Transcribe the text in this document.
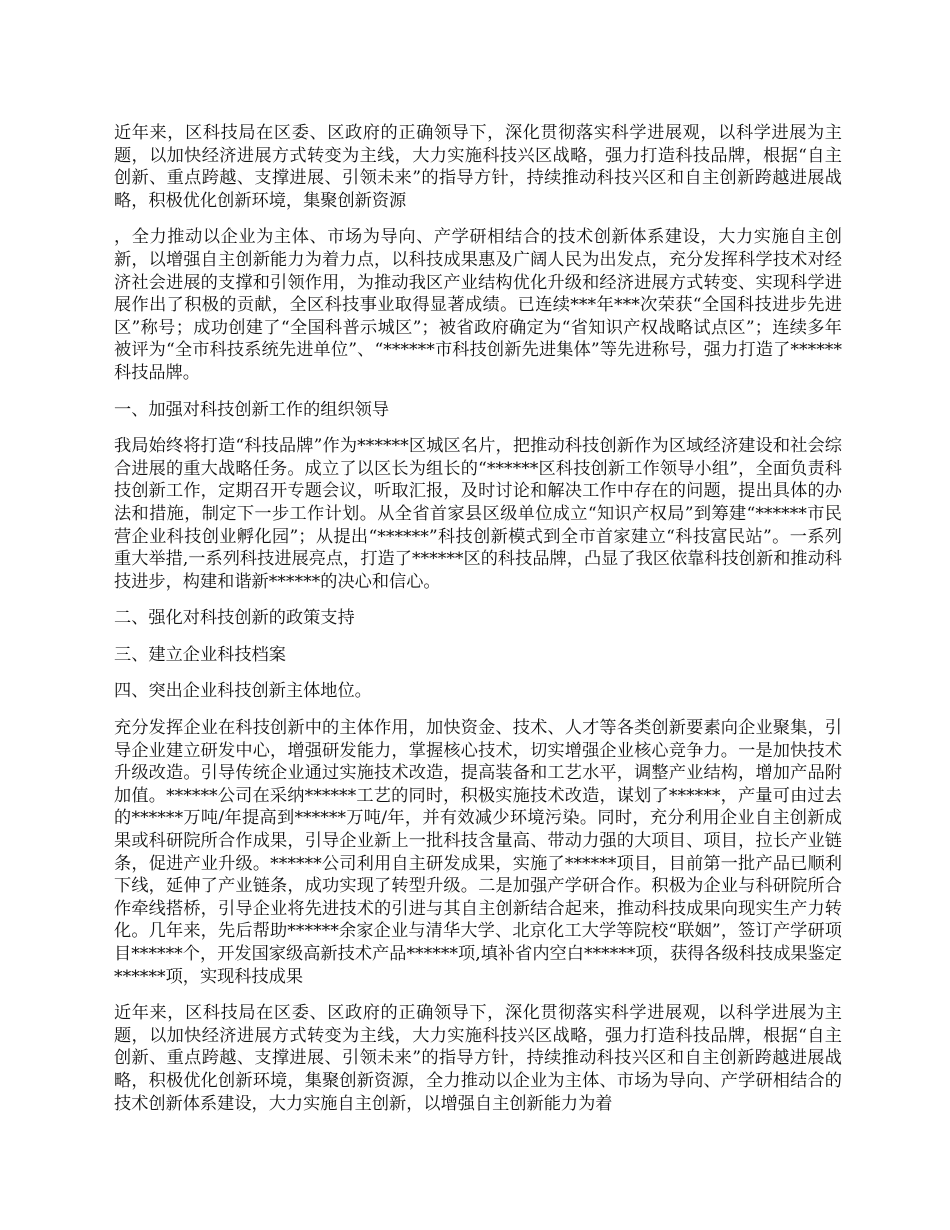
近年来，区科技局在区委、区政府的正确领导下，深化贯彻落实科学进展观，以科学进展为主题，以加快经济进展方式转变为主线，大力实施科技兴区战略，强力打造科技品牌，根据“自主创新、重点跨越、支撑进展、引领未来”的指导方针，持续推动科技兴区和自主创新跨越进展战略，积极优化创新环境，集聚创新资源

，全力推动以企业为主体、市场为导向、产学研相结合的技术创新体系建设，大力实施自主创新，以增强自主创新能力为着力点，以科技成果惠及广阔人民为出发点，充分发挥科学技术对经济社会进展的支撑和引领作用，为推动我区产业结构优化升级和经济进展方式转变、实现科学进展作出了积极的贡献，全区科技事业取得显著成绩。已连续***年***次荣获“全国科技进步先进区”称号；成功创建了“全国科普示城区”；被省政府确定为“省知识产权战略试点区”；连续多年被评为“全市科技系统先进单位”、“******市科技创新先进集体”等先进称号，强力打造了******科技品牌。

一、加强对科技创新工作的组织领导

我局始终将打造“科技品牌”作为******区城区名片，把推动科技创新作为区域经济建设和社会综合进展的重大战略任务。成立了以区长为组长的“******区科技创新工作领导小组”，全面负责科技创新工作，定期召开专题会议，听取汇报，及时讨论和解决工作中存在的问题，提出具体的办法和措施，制定下一步工作计划。从全省首家县区级单位成立“知识产权局”到筹建“******市民营企业科技创业孵化园”；从提出“******”科技创新模式到全市首家建立“科技富民站”。一系列重大举措,一系列科技进展亮点，打造了******区的科技品牌，凸显了我区依靠科技创新和推动科技进步，构建和谐新******的决心和信心。

二、强化对科技创新的政策支持

三、建立企业科技档案

四、突出企业科技创新主体地位。

充分发挥企业在科技创新中的主体作用，加快资金、技术、人才等各类创新要素向企业聚集，引导企业建立研发中心，增强研发能力，掌握核心技术，切实增强企业核心竞争力。一是加快技术升级改造。引导传统企业通过实施技术改造，提高装备和工艺水平，调整产业结构，增加产品附加值。******公司在采纳******工艺的同时，积极实施技术改造，谋划了******，产量可由过去的******万吨/年提高到******万吨/年，并有效减少环境污染。同时，充分利用企业自主创新成果或科研院所合作成果，引导企业新上一批科技含量高、带动力强的大项目、项目，拉长产业链条，促进产业升级。******公司利用自主研发成果，实施了******项目，目前第一批产品已顺利下线，延伸了产业链条，成功实现了转型升级。二是加强产学研合作。积极为企业与科研院所合作牵线搭桥，引导企业将先进技术的引进与其自主创新结合起来，推动科技成果向现实生产力转化。几年来，先后帮助******余家企业与清华大学、北京化工大学等院校“联姻”，签订产学研项目******个，开发国家级高新技术产品******项,填补省内空白******项，获得各级科技成果鉴定******项，实现科技成果

近年来，区科技局在区委、区政府的正确领导下，深化贯彻落实科学进展观，以科学进展为主题，以加快经济进展方式转变为主线，大力实施科技兴区战略，强力打造科技品牌，根据“自主创新、重点跨越、支撑进展、引领未来”的指导方针，持续推动科技兴区和自主创新跨越进展战略，积极优化创新环境，集聚创新资源，全力推动以企业为主体、市场为导向、产学研相结合的技术创新体系建设，大力实施自主创新，以增强自主创新能力为着
